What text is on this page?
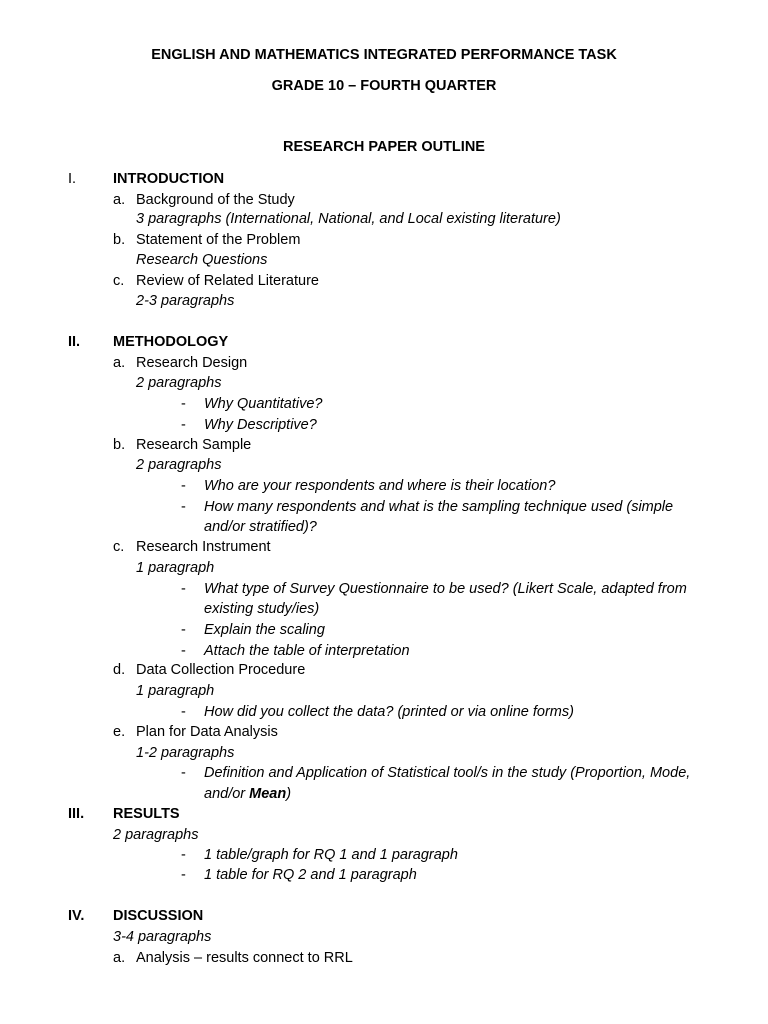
ENGLISH AND MATHEMATICS INTEGRATED PERFORMANCE TASK
GRADE 10 – FOURTH QUARTER
RESEARCH PAPER OUTLINE
I.	INTRODUCTION
a. Background of the Study
3 paragraphs (International, National, and Local existing literature)
b. Statement of the Problem
Research Questions
c. Review of Related Literature
2-3 paragraphs
II. METHODOLOGY
a. Research Design
2 paragraphs
- Why Quantitative?
- Why Descriptive?
b. Research Sample
2 paragraphs
- Who are your respondents and where is their location?
- How many respondents and what is the sampling technique used (simple
and/or stratified)?
c. Research Instrument
1 paragraph
- What type of Survey Questionnaire to be used? (Likert Scale, adapted from
existing study/ies)
- Explain the scaling
- Attach the table of interpretation
d. Data Collection Procedure
1 paragraph
- How did you collect the data? (printed or via online forms)
e. Plan for Data Analysis
1-2 paragraphs
- Definition and Application of Statistical tool/s in the study (Proportion, Mode,
and/or Mean)
III. RESULTS
2 paragraphs
- 1 table/graph for RQ 1 and 1 paragraph
- 1 table for RQ 2 and 1 paragraph
IV. DISCUSSION
3-4 paragraphs
a. Analysis – results connect to RRL
